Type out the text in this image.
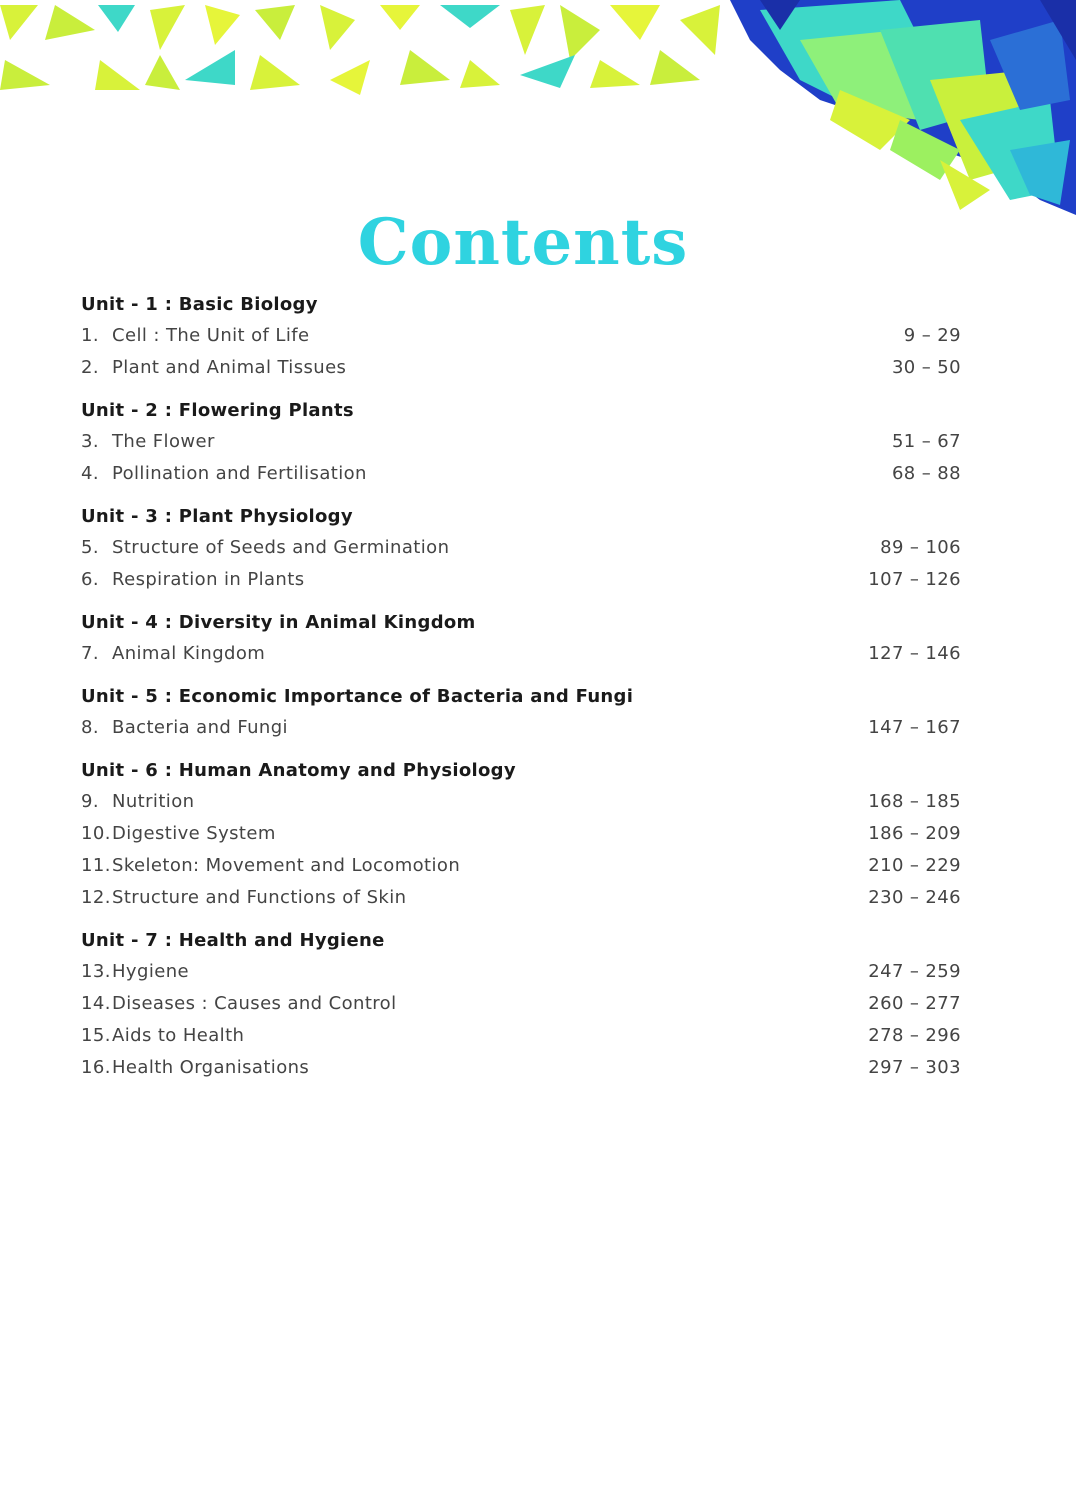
Contents
Unit - 1 : Basic Biology
1. Cell : The Unit of Life	9 – 29
2. Plant and Animal Tissues	30 – 50
Unit - 2 : Flowering Plants
3. The Flower	51 – 67
4. Pollination and Fertilisation	68 – 88
Unit - 3 : Plant Physiology
5. Structure of Seeds and Germination	89 – 106
6. Respiration in Plants	107 – 126
Unit - 4 : Diversity in Animal Kingdom
7. Animal Kingdom	127 – 146
Unit - 5 : Economic Importance of Bacteria and Fungi
8. Bacteria and Fungi	147 – 167
Unit - 6 : Human Anatomy and Physiology
9. Nutrition	168 – 185
10. Digestive System	186 – 209
11. Skeleton: Movement and Locomotion	210 – 229
12. Structure and Functions of Skin	230 – 246
Unit - 7 : Health and Hygiene
13. Hygiene	247 – 259
14. Diseases : Causes and Control	260 – 277
15. Aids to Health	278 – 296
16. Health Organisations	297 – 303
